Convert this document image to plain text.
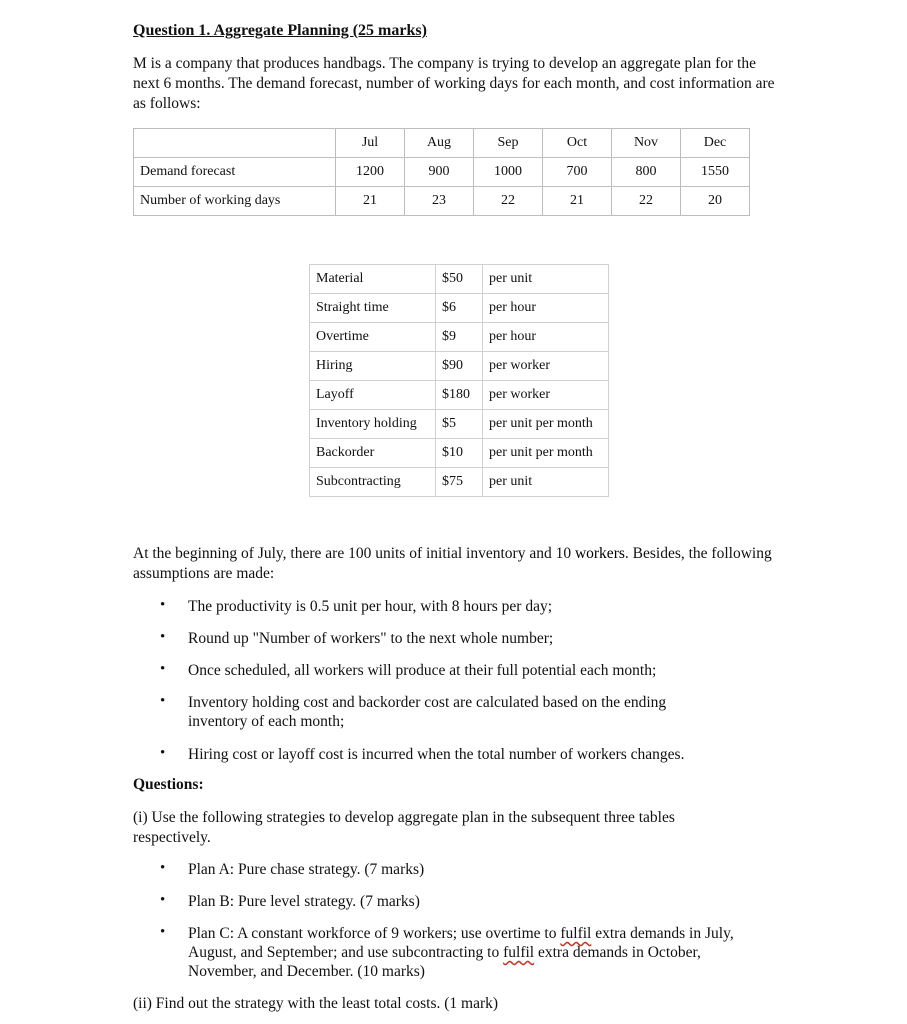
Question 1. Aggregate Planning (25 marks)
M is a company that produces handbags. The company is trying to develop an aggregate plan for the next 6 months. The demand forecast, number of working days for each month, and cost information are as follows:
	Jul	Aug	Sep	Oct	Nov	Dec
Demand forecast	1200	900	1000	700	800	1550
Number of working days	21	23	22	21	22	20
Material	$50	per unit
Straight time	$6	per hour
Overtime	$9	per hour
Hiring	$90	per worker
Layoff	$180	per worker
Inventory holding	$5	per unit per month
Backorder	$10	per unit per month
Subcontracting	$75	per unit
At the beginning of July, there are 100 units of initial inventory and 10 workers. Besides, the following assumptions are made:
• The productivity is 0.5 unit per hour, with 8 hours per day;
• Round up "Number of workers" to the next whole number;
• Once scheduled, all workers will produce at their full potential each month;
• Inventory holding cost and backorder cost are calculated based on the ending inventory of each month;
• Hiring cost or layoff cost is incurred when the total number of workers changes.
Questions:
(i) Use the following strategies to develop aggregate plan in the subsequent three tables respectively.
• Plan A: Pure chase strategy. (7 marks)
• Plan B: Pure level strategy. (7 marks)
• Plan C: A constant workforce of 9 workers; use overtime to fulfil extra demands in July, August, and September; and use subcontracting to fulfil extra demands in October, November, and December. (10 marks)
(ii) Find out the strategy with the least total costs. (1 mark)
